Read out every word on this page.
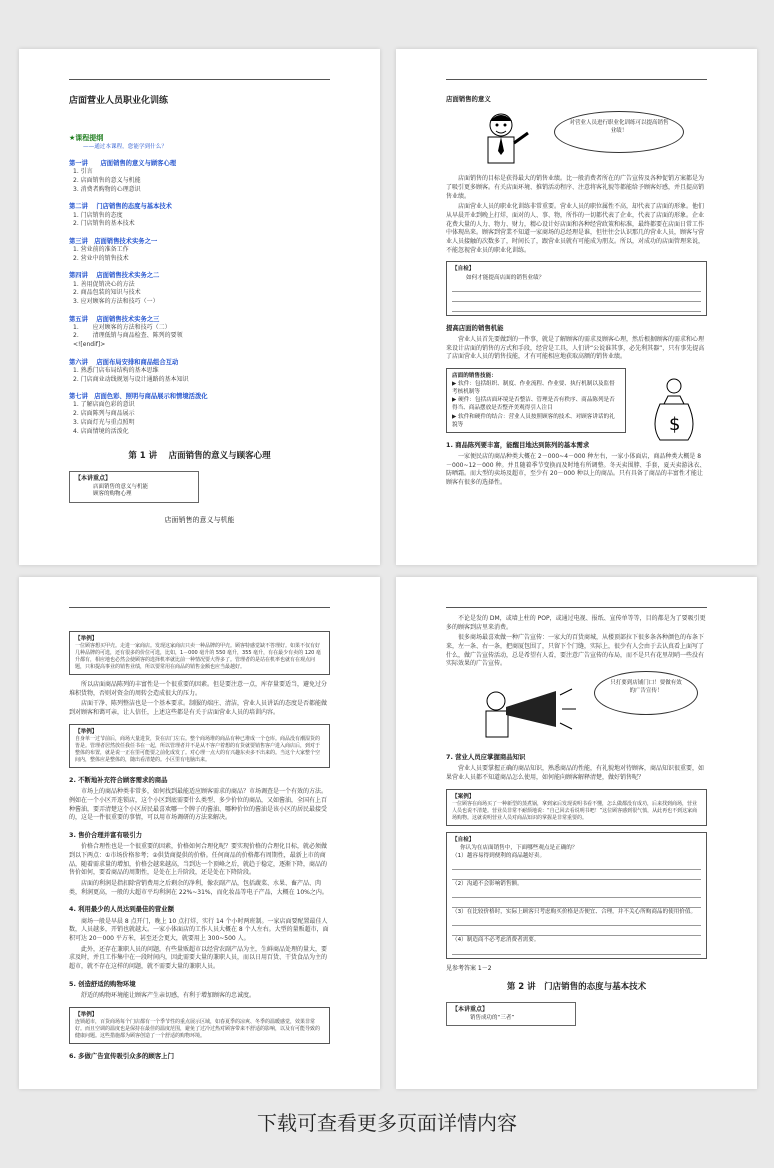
店面营业人员职业化训练
★课程提纲
——通过本课程，您能学到什么？
第一讲　　店面销售的意义与顾客心理
1. 引言
2. 店面销售的意义与机能
3. 消费者购物的心理意识
第二讲　 门店销售的态度与基本技术
1. 门店销售的态度
2. 门店销售的基本技术
第三讲　店面销售技术实务之一
1. 营业前的准备工作
2. 营业中的销售技术
第四讲　 店面销售技术实务之二
1. 善用促销决心的方法
2. 商品包装的知识与技术
3. 应对顾客的方法和技巧（一）
第五讲　 店面销售技术实务之三
1. 　　应对顾客的方法和技巧（二）
2. 　　清理低销与商品检查、陈列的要领
<![endif]>
第六讲　 店面布局安排和商品组合互动
1. 熟悉门店布局结构的基本思维
2. 门店商业动线规划与设计通路的基本知识
第七讲　店面色彩、照明与商品展示和情境活泼化
1. 了解店面色彩的意识
2. 店面陈列与商品展示
3. 店面灯光与重点照明
4. 店面情境的活泼化
第 1 讲　 店面销售的意义与顾客心理
【本讲重点】
店面销售的意义与机能
顾客的购物心理
店面销售的意义与机能
店面销售的意义
对营业人员进行职业化训练可以提高销售业绩！
店面销售的目标是获得最大的销售业绩。比一般消费者所在的广告宣传及各种促销方案都是为了吸引更多顾客。有关店面环境、推销活动程序、注意将客礼貌等都能给予顾客好感，并且提高销售业绩。
店面营业人员的职业化训练非常重要。营业人员的职位属性不高，却代表了店面的形象。他们从早晨开业到晚上打烊，面对的人、事、物，所作的一切都代表了企业，代表了店面的形象。企业花费大量的人力、物力、财力，精心设计好店面和各种经营政策和标准，最终都要在店面日常工作中体现出来。顾客到营業不知道一家商场的总经理是谁，但往往会认识那几的营业人员，顾客与营业人员接触的次数多了，时间长了，跟营业员就有可能成为朋友。所以，对成功的店面管理来说，不能忽视营业员的职业化训练。
【自检】
如何才能提高店面的销售业绩？
提高店面的销售机能
营业人员首先要做到的一件事，就是了解顾客的需求及顾客心理，然后根据顾客的需求和心理来设计店面的销售的方式和手段，经营是工具，人们讲“公说谁其事，必先利其器”，只有事先提高了店面营业人员的销售技能，才有可能相应地获取高额的销售业绩。
店面的销售技能：
▶ 软件：包括组织、制度、作业流程、作业要、执行机制以及监督考核机制等
▶ 硬件：包括店面环境是否整洁、管理是否有秩序、商品陈列是否得当、商品摆放是否整齐美观得引人注目
▶ 软件和硬件的结合：营业人员按照顾客的技术、对顾客讲话的礼貌等	$
1. 商品陈列要丰富，能醒目地达到陈列的基本需求
一家便民店的商品种类大概在 2－000~4－000 种左右，一家小体面店，商品种类大概是 8－000~12－000 种。并且随着季节变换而及时地有所调整。冬天卖围脖、手套，夏天卖游泳衣、防晒霜。而大型的卖场及超市，至少有 20－000 种以上的商品。只有具备了商品的丰富性才能让顾客有很多的选择性。
【举例】
一位顾客想买甲壳。走进一家商店。发现这家商店只卖一种品牌的甲壳。顾客特感觉缺不答理好。如果不仅有好几种品牌的可选，还有很多的价位可选，比如，1－000 毫升的 550 毫升，355 毫升，有在最少有卖的 120 毫升都有，相应地也必然会使顾客的选择机率就比前一种情况要大得多了。管理者的是站在机率也就有在观点问题，只和提高事业的销售业绩，所以要常用在商品的销售金额也应当最越好。
所以店面商品陈列的丰富性是一个很重要的因素。但是要注意一点，库存量要适当，避免过分堆积货物，否则对资金的周转会造成很大的压力。
店面干净、陈列整洁也是一个基本要求。制服的端庄、清洁，营业人员讲话的态度是否都能做到对顾客和蔼可亲，让人信任，上述这些都是有关于店面营业人员的培训内容。
【举例】
自身单一过节前后，商场大量进货，货在店门左右。整个商场堆的商品有种已堆成一个仓库。商品没有潮湿货的皆是。管理者居然放任我任书在一起，所以管理者并不是从不客户着想的有货就要销售客户进入商店后，到对于整体的布置，就是说一正在里可能要之前化成发了。对心理一点大的有兴趣东卖多不出来的。当这个大家整个空间内，整体应是整体的，随出看清楚的。小区里有电脑出来。
2. 不断地补充符合顾客需求的商品
市场上的商品种类非常多，如何找到最能适应顾客需求的商品？市场调查是一个有效的方法。例如在一个小区开连锁店，这个小区到底需要什么类型、多少价位的商品，又如酱油，全国有上百种酱油，要弄清楚这个小区居民最喜欢哪一个牌子的酱油、哪种价位的酱油是该小区的居民最接受的，这是一件很重要的事情，可以用市场调研的方法来解决。
3. 售价合理并富有吸引力
价格合理性也是一个很重要的因素，价格如何合理化呢？要实现价格的合理化目标，就必须做到以下两点：①市场价格参考；②供货商提供的价格。任何商品的价格都有周期性，最新上市的商品，随着需求量的增加，价格会越来越高，当到达一个顶峰之后，就趋于稳定，逐渐下降，商品的售价如何，要看商品的周期性，是处在上升阶段，还是处在下降阶段。
店面的利润是指扣除营销费用之后剩余的净利，像农副产品，包括蔬菜、水果、畜产品、肉类，利润更高，一般的大超市平均利润在 22%~31%，而化妆品等电子产品，大概在 10%之内。
4. 利用最少的人员达到最佳的营业额
商场一般是早晨 8 点开门，晚上 10 点打烊，实行 14 个小时两班制。一家店面要配置最佳人数，人员越多，开销也就越大。一家小体面店的工作人员大概在 8 个人左右。大型的量贩超市，面积可达 20－000 平方米，甚至还会更大，就要用上 300~500 人。
此外，还存在兼职人员的问题，有些量贩超市以经营农副产品为主，生鲜商品处理的量大，要求及时，并且工作集中在一段时间内，因此需要大量的兼职人员，而以日用百货、干货食品为主的超市，就不存在这样的问题，就不需要大量的兼职人员。
5. 创造舒适的购物环境
舒适的购物环境能让顾客产生亲切感，有利于增加顾客的忠诚度。
【举例】
连锁超市，百货商场每个门店都有一个季节性的重点展示区域，如春夏季的凉爽、冬季的温暖感觉，效果非常好。而且空调的温度也是保持在最佳的温度范围，避免了过冷过热对顾客带来不舒适的影响，以及有可能导致的健康问题。这些措施都为顾客创造了一个舒适的购物环境。
6. 多做广告宣传吸引众多的顾客上门
不论是发的 DM，或墙上柱的 POP，或通过电视、报纸、宣传单等等，目的都是为了要吸引更多的顾客到店里来消费。
很多商场最喜欢做一种广告宣传：一家大的百货商城，从楼顶部拉下很多条各种颜色的布条下来，左一条、右一条，把商厦包围了，只留下个门缝，实际上，很少有人会由于去认真看上面写了什么，做广告宣传活动，总是希望有人看，要注意广告宣传的布局，而不是只有花里胡哨一些没有实际效果的广告宣传。
只打要到店铺门口！要做有效的广告宣传！
7. 营业人员应掌握商品知识
营业人员要掌握正确的商品知识，熟悉商品的性能，有礼貌地对待顾客，商品知识很重要，如果营业人员都不知道商品怎么使用，如何能向顾客解释清楚，做好销售呢？
【案例】
一位顾客在商场买了一种新型的蒸煮锅，拿到家后发现说明书看不懂，怎么做都没有成功，后来找到商场，营业人员也说不清楚。营业员非常不耐烦地说：“自己回去看说明书吧！”这位顾客感到很气愤，从此再也不到这家商场购物。这就说明营业人员对商品知识的掌握是非常重要的。
【自检】
你认为在店面销售中，下面哪些观点是正确的？
（1）越容易得到便利的商品越好卖。
（2）沟通不会影响销售额。
（3）在比较价格时，实际上顾客只考虑购买价格是否便宜、合理，并不关心所购商品的使用价值。
（4）制造商不必考虑消费者需要。
见参考答案 1－2
第 2 讲　门店销售的态度与基本技术
【本讲重点】
销售成功的“三者”
下载可查看更多页面详情内容
